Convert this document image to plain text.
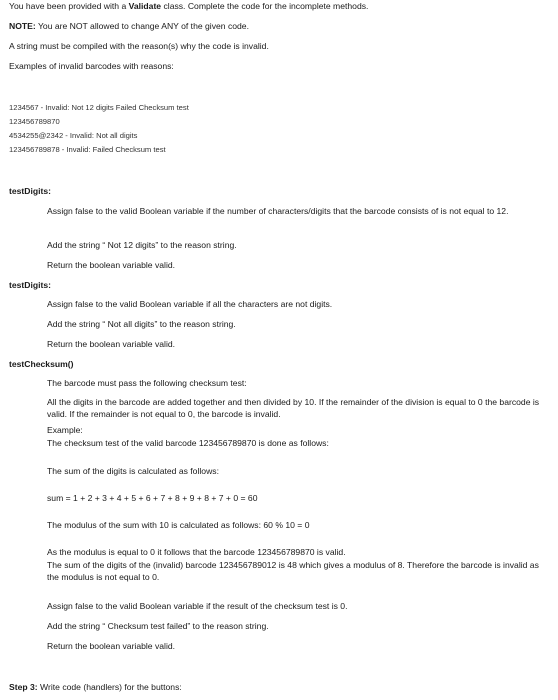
You have been provided with a Validate class. Complete the code for the incomplete methods.
NOTE: You are NOT allowed to change ANY of the given code.
A string must be compiled with the reason(s) why the code is invalid.
Examples of invalid barcodes with reasons:
1234567 - Invalid: Not 12 digits Failed Checksum test
123456789870
4534255@2342 - Invalid: Not all digits
123456789878 - Invalid: Failed Checksum test
testDigits:
Assign false to the valid Boolean variable if the number of characters/digits that the barcode consists of is not equal to 12.
Add the string “ Not 12 digits” to the reason string.
Return the boolean variable valid.
testDigits:
Assign false to the valid Boolean variable if all the characters are not digits.
Add the string “ Not all digits” to the reason string.
Return the boolean variable valid.
testChecksum()
The barcode must pass the following checksum test:
All the digits in the barcode are added together and then divided by 10. If the remainder of the division is equal to 0 the barcode is valid. If the remainder is not equal to 0, the barcode is invalid.
Example:
The checksum test of the valid barcode 123456789870 is done as follows:
The sum of the digits is calculated as follows:
sum = 1 + 2 + 3 + 4 + 5 + 6 + 7 + 8 + 9 + 8 + 7 + 0 = 60
The modulus of the sum with 10 is calculated as follows: 60 % 10 = 0
As the modulus is equal to 0 it follows that the barcode 123456789870 is valid.
The sum of the digits of the (invalid) barcode 123456789012 is 48 which gives a modulus of 8. Therefore the barcode is invalid as the modulus is not equal to 0.
Assign false to the valid Boolean variable if the result of the checksum test is 0.
Add the string “ Checksum test failed” to the reason string.
Return the boolean variable valid.
Step 3: Write code (handlers) for the buttons:
